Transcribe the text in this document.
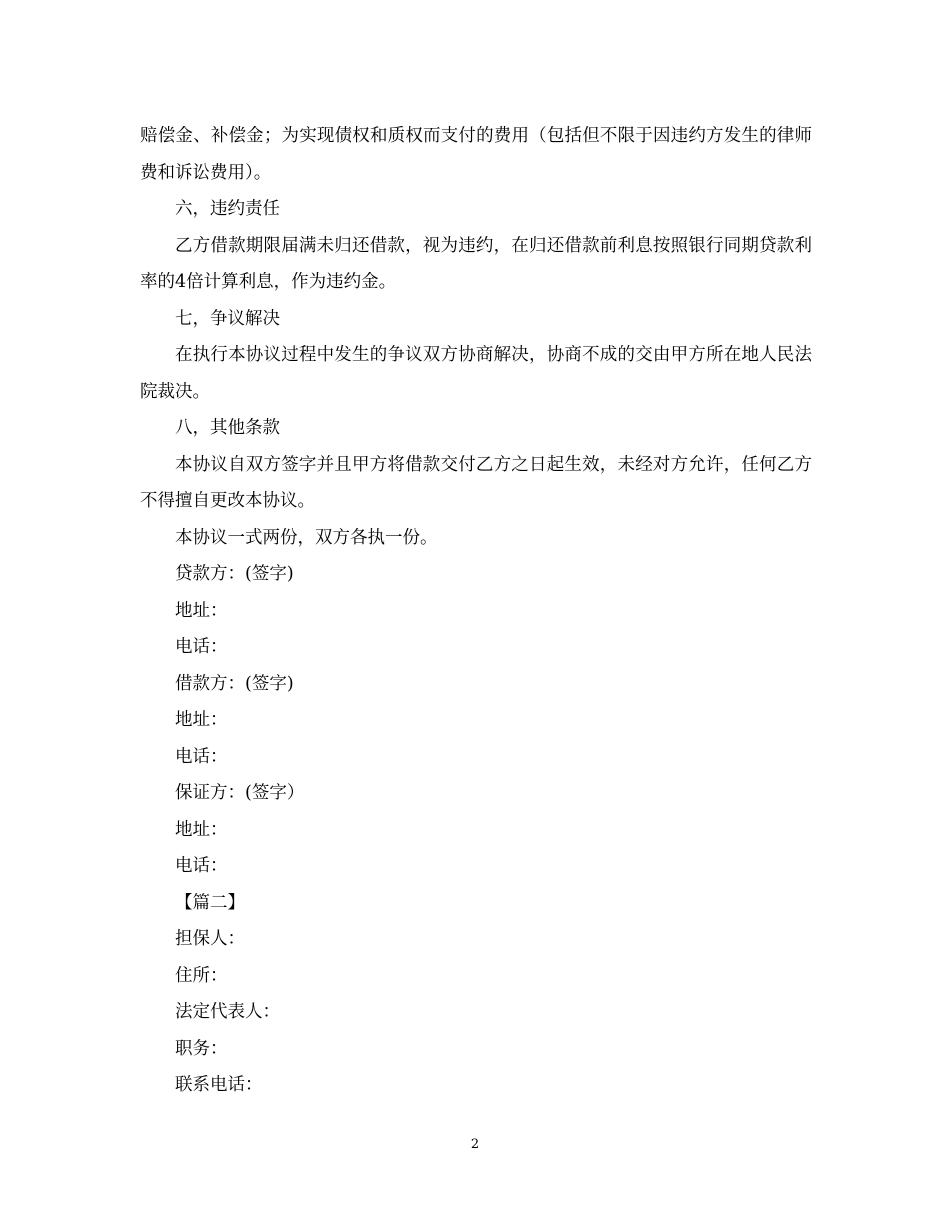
赔偿金、补偿金；为实现债权和质权而支付的费用（包括但不限于因违约方发生的律师费和诉讼费用）。

六，违约责任

乙方借款期限届满未归还借款，视为违约，在归还借款前利息按照银行同期贷款利率的4倍计算利息，作为违约金。

七，争议解决

在执行本协议过程中发生的争议双方协商解决，协商不成的交由甲方所在地人民法院裁决。

八，其他条款

本协议自双方签字并且甲方将借款交付乙方之日起生效，未经对方允许，任何乙方不得擅自更改本协议。

本协议一式两份，双方各执一份。

贷款方：(签字)

地址：

电话：

借款方：(签字)

地址：

电话：

保证方：(签字）

地址：

电话：

【篇二】

担保人：

住所：

法定代表人：

职务：

联系电话：

2
